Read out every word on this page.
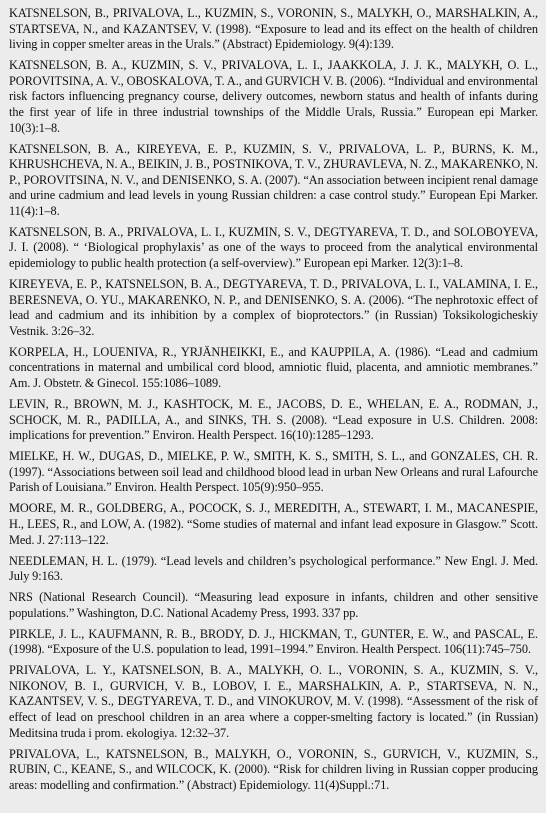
KATSNELSON, B., PRIVALOVA, L., KUZMIN, S., VORONIN, S., MALYKH, O., MARSHALKIN, A., STARTSEVA, N., and KAZANTSEV, V. (1998). “Exposure to lead and its effect on the health of children living in copper smelter areas in the Urals.” (Abstract) Epidemiology. 9(4):139.
KATSNELSON, B. A., KUZMIN, S. V., PRIVALOVA, L. I., JAAKKOLA, J. J. K., MALYKH, O. L., POROVITSINA, A. V., OBOSKALOVA, T. A., and GURVICH V. B. (2006). “Individual and environmental risk factors influencing pregnancy course, delivery outcomes, newborn status and health of infants during the first year of life in three industrial townships of the Middle Urals, Russia.” European epi Marker. 10(3):1–8.
KATSNELSON, B. A., KIREYEVA, E. P., KUZMIN, S. V., PRIVALOVA, L. P., BURNS, K. M., KHRUSHCHEVA, N. A., BEIKIN, J. B., POSTNIKOVA, T. V., ZHURAVLEVA, N. Z., MAKARENKO, N. P., POROVITSINA, N. V., and DENISENKO, S. A. (2007). “An association between incipient renal damage and urine cadmium and lead levels in young Russian children: a case control study.” European Epi Marker. 11(4):1–8.
KATSNELSON, B. A., PRIVALOVA, L. I., KUZMIN, S. V., DEGTYAREVA, T. D., and SOLOBOYEVA, J. I. (2008). “ ‘Biological prophylaxis’ as one of the ways to proceed from the analytical environmental epidemiology to public health protection (a self-overview).” European epi Marker. 12(3):1–8.
KIREYEVA, E. P., KATSNELSON, B. A., DEGTYAREVA, T. D., PRIVALOVA, L. I., VALAMINA, I. E., BERESNEVA, O. YU., MAKARENKO, N. P., and DENISENKO, S. A. (2006). “The nephrotoxic effect of lead and cadmium and its inhibition by a complex of bioprotectors.” (in Russian) Toksikologicheskiy Vestnik. 3:26–32.
KORPELA, H., LOUENIVA, R., YRJÄNHEIKKI, E., and KAUPPILA, A. (1986). “Lead and cadmium concentrations in maternal and umbilical cord blood, amniotic fluid, placenta, and amniotic membranes.” Am. J. Obstetr. & Ginecol. 155:1086–1089.
LEVIN, R., BROWN, M. J., KASHTOCK, M. E., JACOBS, D. E., WHELAN, E. A., RODMAN, J., SCHOCK, M. R., PADILLA, A., and SINKS, TH. S. (2008). “Lead exposure in U.S. Children. 2008: implications for prevention.” Environ. Health Perspect. 16(10):1285–1293.
MIELKE, H. W., DUGAS, D., MIELKE, P. W., SMITH, K. S., SMITH, S. L., and GONZALES, CH. R. (1997). “Associations between soil lead and childhood blood lead in urban New Orleans and rural Lafourche Parish of Louisiana.” Environ. Health Perspect. 105(9):950–955.
MOORE, M. R., GOLDBERG, A., POCOCK, S. J., MEREDITH, A., STEWART, I. M., MACANESPIE, H., LEES, R., and LOW, A. (1982). “Some studies of maternal and infant lead exposure in Glasgow.” Scott. Med. J. 27:113–122.
NEEDLEMAN, H. L. (1979). “Lead levels and children’s psychological performance.” New Engl. J. Med. July 9:163.
NRS (National Research Council). “Measuring lead exposure in infants, children and other sensitive populations.” Washington, D.C. National Academy Press, 1993. 337 pp.
PIRKLE, J. L., KAUFMANN, R. B., BRODY, D. J., HICKMAN, T., GUNTER, E. W., and PASCAL, E. (1998). “Exposure of the U.S. population to lead, 1991–1994.” Environ. Health Perspect. 106(11):745–750.
PRIVALOVA, L. Y., KATSNELSON, B. A., MALYKH, O. L., VORONIN, S. A., KUZMIN, S. V., NIKONOV, B. I., GURVICH, V. B., LOBOV, I. E., MARSHALKIN, A. P., STARTSEVA, N. N., KAZANTSEV, V. S., DEGTYAREVA, T. D., and VINOKUROV, M. V. (1998). “Assessment of the risk of effect of lead on preschool children in an area where a copper-smelting factory is located.” (in Russian) Meditsina truda i prom. ekologiya. 12:32–37.
PRIVALOVA, L., KATSNELSON, B., MALYKH, O., VORONIN, S., GURVICH, V., KUZMIN, S., RUBIN, C., KEANE, S., and WILCOCK, K. (2000). “Risk for children living in Russian copper producing areas: modelling and confirmation.” (Abstract) Epidemiology. 11(4)Suppl.:71.
